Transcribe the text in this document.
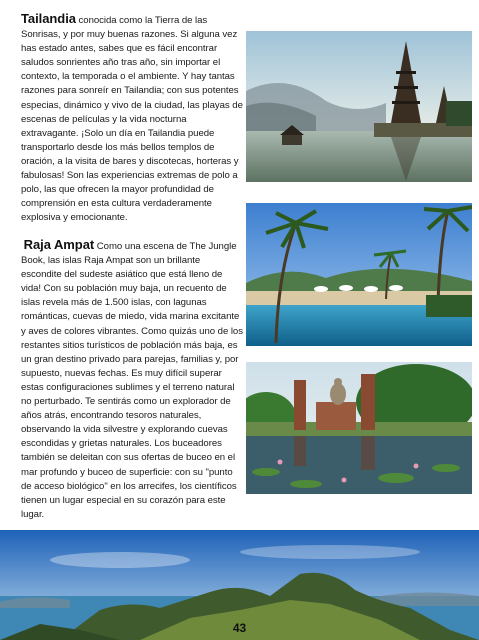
Tailandia conocida como la Tierra de las Sonrisas, y por muy buenas razones. Si alguna vez has estado antes, sabes que es fácil encontrar saludos sonrientes año tras año, sin importar el contexto, la temporada o el ambiente. Y hay tantas razones para sonreír en Tailandia; con sus potentes especias, dinámico y vivo de la ciudad, las playas de escenas de películas y la vida nocturna extravagante. ¡Solo un día en Tailandia puede transportarlo desde los más bellos templos de oración, a la visita de bares y discotecas, horteras y fabulosas! Son las experiencias extremas de polo a polo, las que ofrecen la mayor profundidad de comprensión en esta cultura verdaderamente explosiva y emocionante.

Raja Ampat Como una escena de The Jungle Book, las islas Raja Ampat son un brillante escondite del sudeste asiático que está lleno de vida! Con su población muy baja, un recuento de islas revela más de 1.500 islas, con lagunas románticas, cuevas de miedo, vida marina excitante y aves de colores vibrantes. Como quizás uno de los restantes sitios turísticos de población más baja, es un gran destino privado para parejas, familias y, por supuesto, nuevas fechas. Es muy difícil superar estas configuraciones sublimes y el terreno natural no perturbado. Te sentirás como un explorador de años atrás, encontrando tesoros naturales, observando la vida silvestre y explorando cuevas escondidas y grietas naturales. Los buceadores también se deleitan con sus ofertas de buceo en el mar profundo y buceo de superficie: con su "punto de acceso biológico" en los arrecifes, los científicos tienen un lugar especial en su corazón para este lugar.

43
